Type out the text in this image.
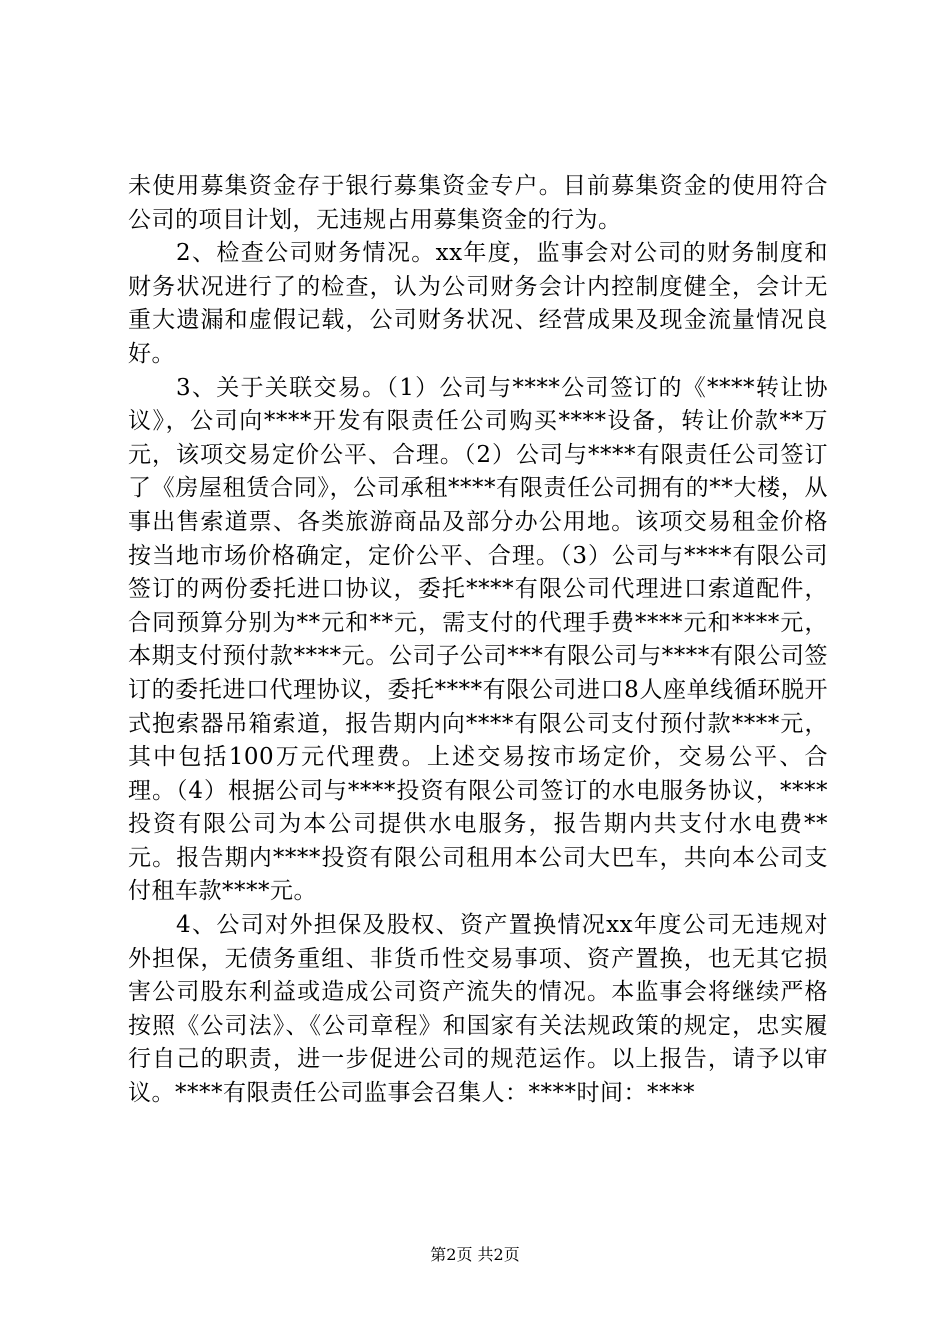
未使用募集资金存于银行募集资金专户。目前募集资金的使用符合公司的项目计划，无违规占用募集资金的行为。

2、检查公司财务情况。xx年度，监事会对公司的财务制度和财务状况进行了的检查，认为公司财务会计内控制度健全，会计无重大遗漏和虚假记载，公司财务状况、经营成果及现金流量情况良好。

3、关于关联交易。（1）公司与****公司签订的《****转让协议》，公司向****开发有限责任公司购买****设备，转让价款**万元，该项交易定价公平、合理。（2）公司与****有限责任公司签订了《房屋租赁合同》，公司承租****有限责任公司拥有的**大楼，从事出售索道票、各类旅游商品及部分办公用地。该项交易租金价格按当地市场价格确定，定价公平、合理。（3）公司与****有限公司签订的两份委托进口协议，委托****有限公司代理进口索道配件，合同预算分别为**元和**元，需支付的代理手费****元和****元，本期支付预付款****元。公司子公司***有限公司与****有限公司签订的委托进口代理协议，委托****有限公司进口8人座单线循环脱开式抱索器吊箱索道，报告期内向****有限公司支付预付款****元，其中包括100万元代理费。上述交易按市场定价，交易公平、合理。（4）根据公司与****投资有限公司签订的水电服务协议，****投资有限公司为本公司提供水电服务，报告期内共支付水电费**元。报告期内****投资有限公司租用本公司大巴车，共向本公司支付租车款****元。

4、公司对外担保及股权、资产置换情况xx年度公司无违规对外担保，无债务重组、非货币性交易事项、资产置换，也无其它损害公司股东利益或造成公司资产流失的情况。本监事会将继续严格按照《公司法》、《公司章程》和国家有关法规政策的规定，忠实履行自己的职责，进一步促进公司的规范运作。以上报告，请予以审议。****有限责任公司监事会召集人：****时间：****

第2页 共2页
